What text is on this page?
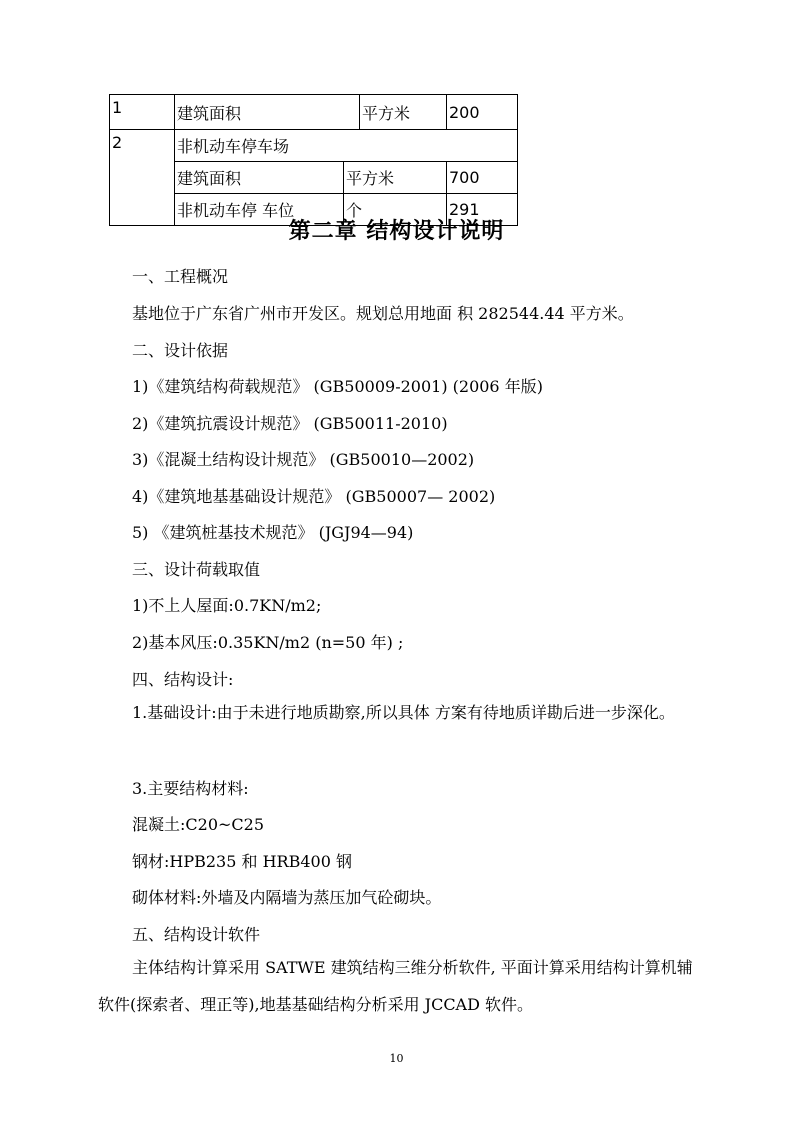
1	建筑面积		平方米	200
2	非机动车停车场			
	建筑面积	平方米		700
	非机动车停 车位	个		291
第二章 结构设计说明

一、工程概况

基地位于广东省广州市开发区。规划总用地面 积 282544.44 平方米。

二、设计依据

1)《建筑结构荷载规范》 (GB50009-2001) (2006 年版)

2)《建筑抗震设计规范》 (GB50011-2010)

3)《混凝土结构设计规范》 (GB50010—2002)

4)《建筑地基基础设计规范》 (GB50007— 2002)

5) 《建筑桩基技术规范》 (JGJ94—94)

三、设计荷载取值

1)不上人屋面:0.7KN/m2;

2)基本风压:0.35KN/m2 (n=50 年) ;

四、结构设计:

1.基础设计:由于未进行地质勘察,所以具体 方案有待地质详勘后进一步深化。

3.主要结构材料:

混凝土:C20~C25

钢材:HPB235 和 HRB400 钢

砌体材料:外墙及内隔墙为蒸压加气砼砌块。

五、结构设计软件

主体结构计算采用 SATWE 建筑结构三维分析软件, 平面计算采用结构计算机辅软件(探索者、理正等),地基基础结构分析采用 JCCAD 软件。

10
